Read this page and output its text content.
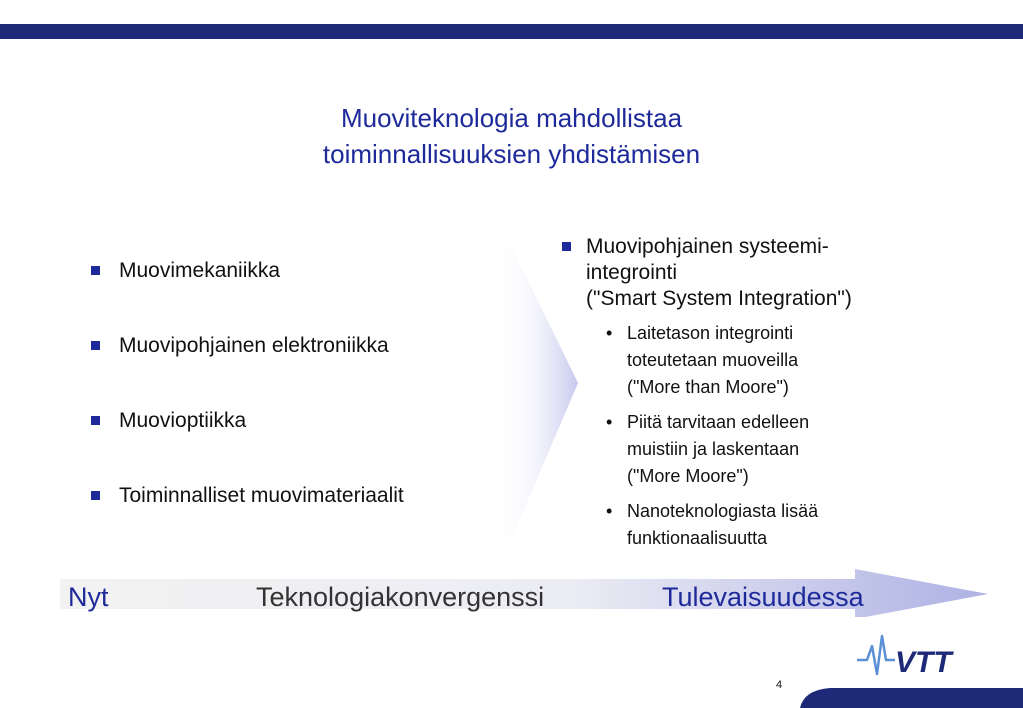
Muoviteknologia mahdollistaa
toiminnallisuuksien yhdistämisen
Muovimekaniikka
Muovipohjainen elektroniikka
Muovioptiikka
Toiminnalliset muovimateriaalit
Muovipohjainen systeemi-
integrointi
("Smart System Integration")
• Laitetason integrointi
toteutetaan muoveilla
("More than Moore")
• Piitä tarvitaan edelleen
muistiin ja laskentaan
("More Moore")
• Nanoteknologiasta lisää
funktionaalisuutta
Nyt	Teknologiakonvergenssi	Tulevaisuudessa
VTT
4
